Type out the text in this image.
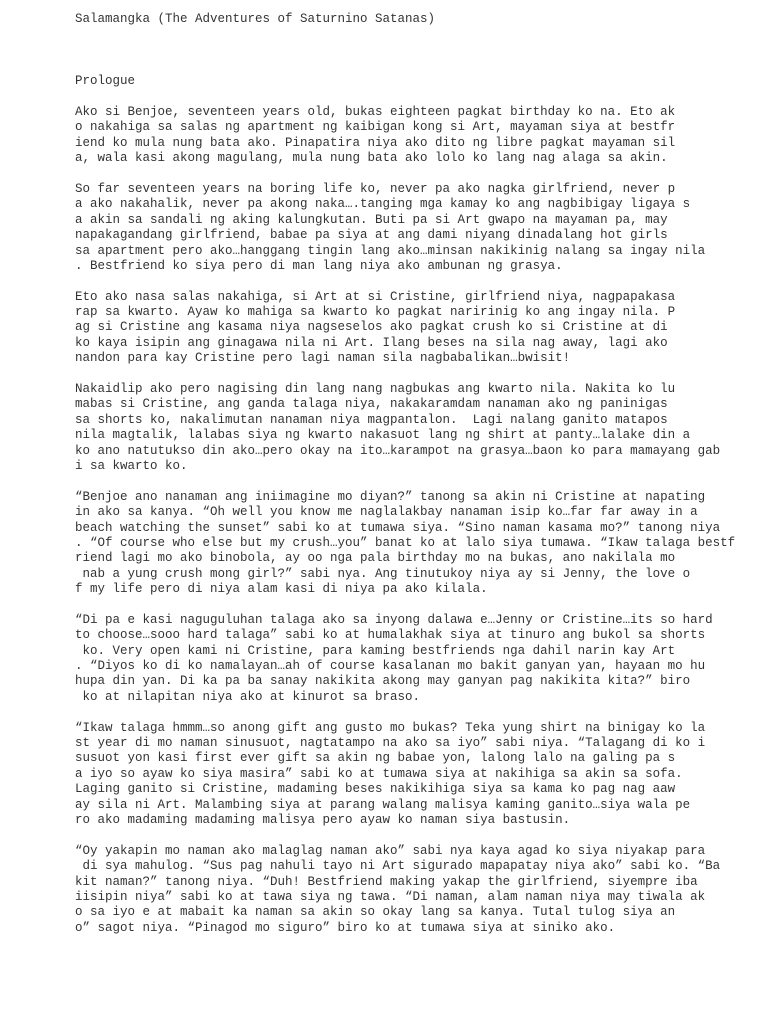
Salamangka (The Adventures of Saturnino Satanas)
Prologue
Ako si Benjoe, seventeen years old, bukas eighteen pagkat birthday ko na. Eto ak
o nakahiga sa salas ng apartment ng kaibigan kong si Art, mayaman siya at bestfr
iend ko mula nung bata ako. Pinapatira niya ako dito ng libre pagkat mayaman sil
a, wala kasi akong magulang, mula nung bata ako lolo ko lang nag alaga sa akin.
So far seventeen years na boring life ko, never pa ako nagka girlfriend, never p
a ako nakahalik, never pa akong naka….tanging mga kamay ko ang nagbibigay ligaya s
a akin sa sandali ng aking kalungkutan. Buti pa si Art gwapo na mayaman pa, may
napakagandang girlfriend, babae pa siya at ang dami niyang dinadalang hot girls
sa apartment pero ako…hanggang tingin lang ako…minsan nakikinig nalang sa ingay nila
. Bestfriend ko siya pero di man lang niya ako ambunan ng grasya.
Eto ako nasa salas nakahiga, si Art at si Cristine, girlfriend niya, nagpapakasa
rap sa kwarto. Ayaw ko mahiga sa kwarto ko pagkat naririnig ko ang ingay nila. P
ag si Cristine ang kasama niya nagseselos ako pagkat crush ko si Cristine at di
ko kaya isipin ang ginagawa nila ni Art. Ilang beses na sila nag away, lagi ako
nandon para kay Cristine pero lagi naman sila nagbabalikan…bwisit!
Nakaidlip ako pero nagising din lang nang nagbukas ang kwarto nila. Nakita ko lu
mabas si Cristine, ang ganda talaga niya, nakakaramdam nanaman ako ng paninigas
sa shorts ko, nakalimutan nanaman niya magpantalon.  Lagi nalang ganito matapos
nila magtalik, lalabas siya ng kwarto nakasuot lang ng shirt at panty…lalake din a
ko ano natutukso din ako…pero okay na ito…karampot na grasya…baon ko para mamayang gab
i sa kwarto ko.
“Benjoe ano nanaman ang iniimagine mo diyan?” tanong sa akin ni Cristine at napating
in ako sa kanya. “Oh well you know me naglalakbay nanaman isip ko…far far away in a
beach watching the sunset” sabi ko at tumawa siya. “Sino naman kasama mo?” tanong niya
. “Of course who else but my crush…you” banat ko at lalo siya tumawa. “Ikaw talaga bestf
riend lagi mo ako binobola, ay oo nga pala birthday mo na bukas, ano nakilala mo
nab a yung crush mong girl?” sabi nya. Ang tinutukoy niya ay si Jenny, the love o
f my life pero di niya alam kasi di niya pa ako kilala.
“Di pa e kasi naguguluhan talaga ako sa inyong dalawa e…Jenny or Cristine…its so hard
to choose…sooo hard talaga” sabi ko at humalakhak siya at tinuro ang bukol sa shorts
ko. Very open kami ni Cristine, para kaming bestfriends nga dahil narin kay Art
. “Diyos ko di ko namalayan…ah of course kasalanan mo bakit ganyan yan, hayaan mo hu
hupa din yan. Di ka pa ba sanay nakikita akong may ganyan pag nakikita kita?” biro
ko at nilapitan niya ako at kinurot sa braso.
“Ikaw talaga hmmm…so anong gift ang gusto mo bukas? Teka yung shirt na binigay ko la
st year di mo naman sinusuot, nagtatampo na ako sa iyo” sabi niya. “Talagang di ko i
susuot yon kasi first ever gift sa akin ng babae yon, lalong lalo na galing pa s
a iyo so ayaw ko siya masira” sabi ko at tumawa siya at nakihiga sa akin sa sofa.
Laging ganito si Cristine, madaming beses nakikihiga siya sa kama ko pag nag aaw
ay sila ni Art. Malambing siya at parang walang malisya kaming ganito…siya wala pe
ro ako madaming madaming malisya pero ayaw ko naman siya bastusin.
“Oy yakapin mo naman ako malaglag naman ako” sabi nya kaya agad ko siya niyakap para
di sya mahulog. “Sus pag nahuli tayo ni Art sigurado mapapatay niya ako” sabi ko. “Ba
kit naman?” tanong niya. “Duh! Bestfriend making yakap the girlfriend, siyempre iba
iisipin niya” sabi ko at tawa siya ng tawa. “Di naman, alam naman niya may tiwala ak
o sa iyo e at mabait ka naman sa akin so okay lang sa kanya. Tutal tulog siya an
o” sagot niya. “Pinagod mo siguro” biro ko at tumawa siya at siniko ako.
